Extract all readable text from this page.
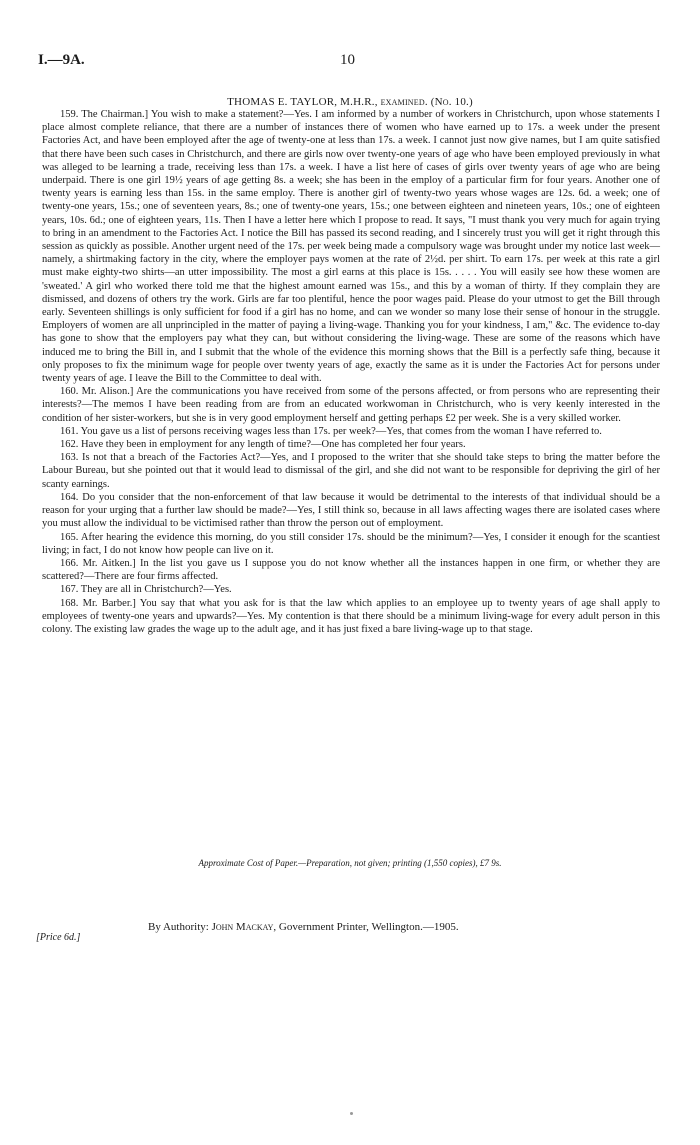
I.—9A.	10
THOMAS E. TAYLOR, M.H.R., examined. (No. 10.)

159. The Chairman.] You wish to make a statement?—Yes. I am informed by a number of workers in Christchurch, upon whose statements I place almost complete reliance, that there are a number of instances there of women who have earned up to 17s. a week under the present Factories Act, and have been employed after the age of twenty-one at less than 17s. a week. I cannot just now give names, but I am quite satisfied that there have been such cases in Christchurch, and there are girls now over twenty-one years of age who have been employed previously in what was alleged to be learning a trade, receiving less than 17s. a week. I have a list here of cases of girls over twenty years of age who are being underpaid. There is one girl 19½ years of age getting 8s. a week; she has been in the employ of a particular firm for four years. Another one of twenty years is earning less than 15s. in the same employ. There is another girl of twenty-two years whose wages are 12s. 6d. a week; one of twenty-one years, 15s.; one of seventeen years, 8s.; one of twenty-one years, 15s.; one between eighteen and nineteen years, 10s.; one of eighteen years, 10s. 6d.; one of eighteen years, 11s. Then I have a letter here which I propose to read. It says, "I must thank you very much for again trying to bring in an amendment to the Factories Act. I notice the Bill has passed its second reading, and I sincerely trust you will get it right through this session as quickly as possible. Another urgent need of the 17s. per week being made a compulsory wage was brought under my notice last week—namely, a shirtmaking factory in the city, where the employer pays women at the rate of 2½d. per shirt. To earn 17s. per week at this rate a girl must make eighty-two shirts—an utter impossibility. The most a girl earns at this place is 15s. . . . . You will easily see how these women are 'sweated.' A girl who worked there told me that the highest amount earned was 15s., and this by a woman of thirty. If they complain they are dismissed, and dozens of others try the work. Girls are far too plentiful, hence the poor wages paid. Please do your utmost to get the Bill through early. Seventeen shillings is only sufficient for food if a girl has no home, and can we wonder so many lose their sense of honour in the struggle. Employers of women are all unprincipled in the matter of paying a living-wage. Thanking you for your kindness, I am," &c. The evidence to-day has gone to show that the employers pay what they can, but without considering the living-wage. These are some of the reasons which have induced me to bring the Bill in, and I submit that the whole of the evidence this morning shows that the Bill is a perfectly safe thing, because it only proposes to fix the minimum wage for people over twenty years of age, exactly the same as it is under the Factories Act for persons under twenty years of age. I leave the Bill to the Committee to deal with.

160. Mr. Alison.] Are the communications you have received from some of the persons affected, or from persons who are representing their interests?—The memos I have been reading from are from an educated workwoman in Christchurch, who is very keenly interested in the condition of her sister-workers, but she is in very good employment herself and getting perhaps £2 per week. She is a very skilled worker.

161. You gave us a list of persons receiving wages less than 17s. per week?—Yes, that comes from the woman I have referred to.

162. Have they been in employment for any length of time?—One has completed her four years.

163. Is not that a breach of the Factories Act?—Yes, and I proposed to the writer that she should take steps to bring the matter before the Labour Bureau, but she pointed out that it would lead to dismissal of the girl, and she did not want to be responsible for depriving the girl of her scanty earnings.

164. Do you consider that the non-enforcement of that law because it would be detrimental to the interests of that individual should be a reason for your urging that a further law should be made?—Yes, I still think so, because in all laws affecting wages there are isolated cases where you must allow the individual to be victimised rather than throw the person out of employment.

165. After hearing the evidence this morning, do you still consider 17s. should be the minimum?—Yes, I consider it enough for the scantiest living; in fact, I do not know how people can live on it.

166. Mr. Aitken.] In the list you gave us I suppose you do not know whether all the instances happen in one firm, or whether they are scattered?—There are four firms affected.

167. They are all in Christchurch?—Yes.

168. Mr. Barber.] You say that what you ask for is that the law which applies to an employee up to twenty years of age shall apply to employees of twenty-one years and upwards?—Yes. My contention is that there should be a minimum living-wage for every adult person in this colony. The existing law grades the wage up to the adult age, and it has just fixed a bare living-wage up to that stage.

Approximate Cost of Paper.—Preparation, not given; printing (1,550 copies), £7 9s.
By Authority: John Mackay, Government Printer, Wellington.—1905.
[Price 6d.]
